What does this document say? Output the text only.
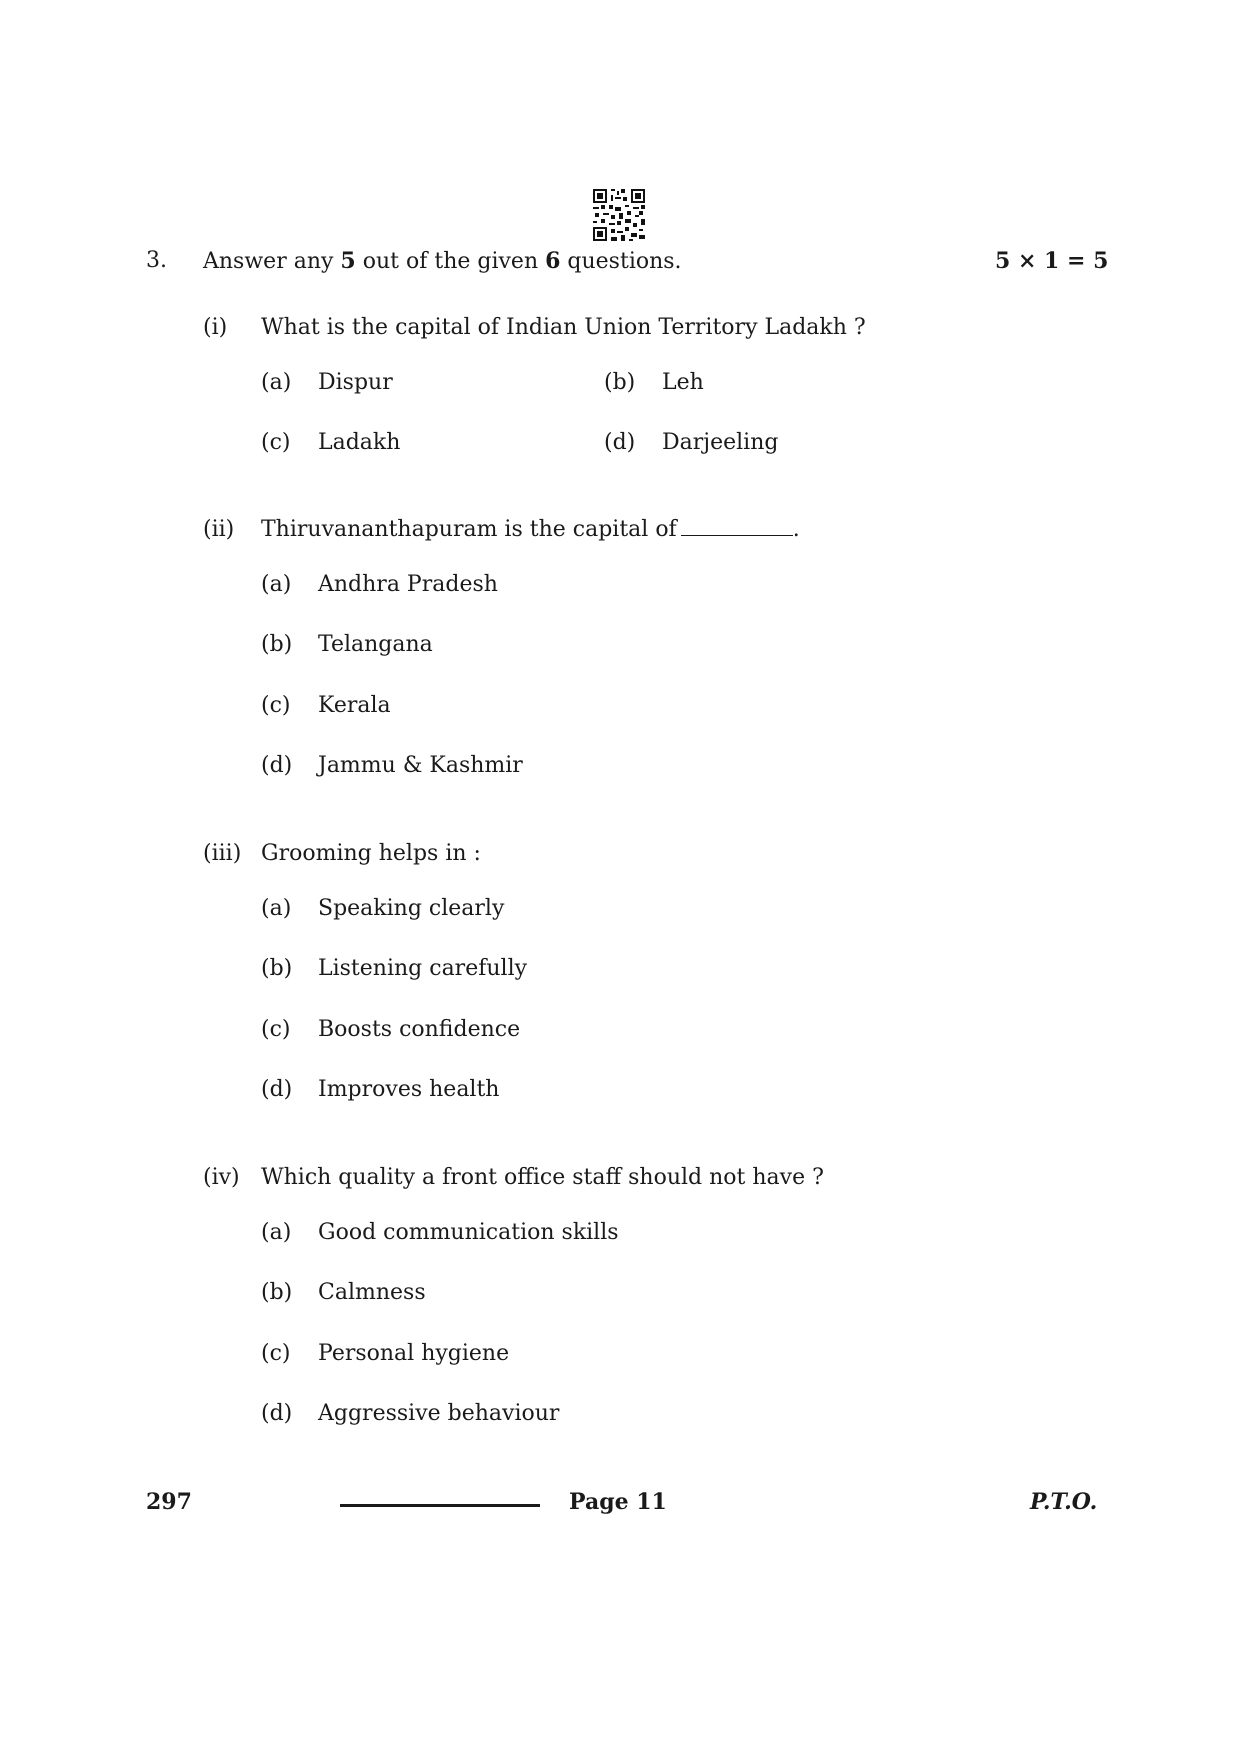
3. Answer any 5 out of the given 6 questions.	5 × 1 = 5
(i) What is the capital of Indian Union Territory Ladakh ?
(a) Dispur	(b) Leh
(c) Ladakh	(d) Darjeeling
(ii) Thiruvananthapuram is the capital of	.
(a) Andhra Pradesh
(b) Telangana
(c) Kerala
(d) Jammu & Kashmir
(iii) Grooming helps in :
(a) Speaking clearly
(b) Listening carefully
(c) Boosts confidence
(d) Improves health
(iv) Which quality a front office staff should not have ?
(a) Good communication skills
(b) Calmness
(c) Personal hygiene
(d) Aggressive behaviour
297	Page 11	P.T.O.
